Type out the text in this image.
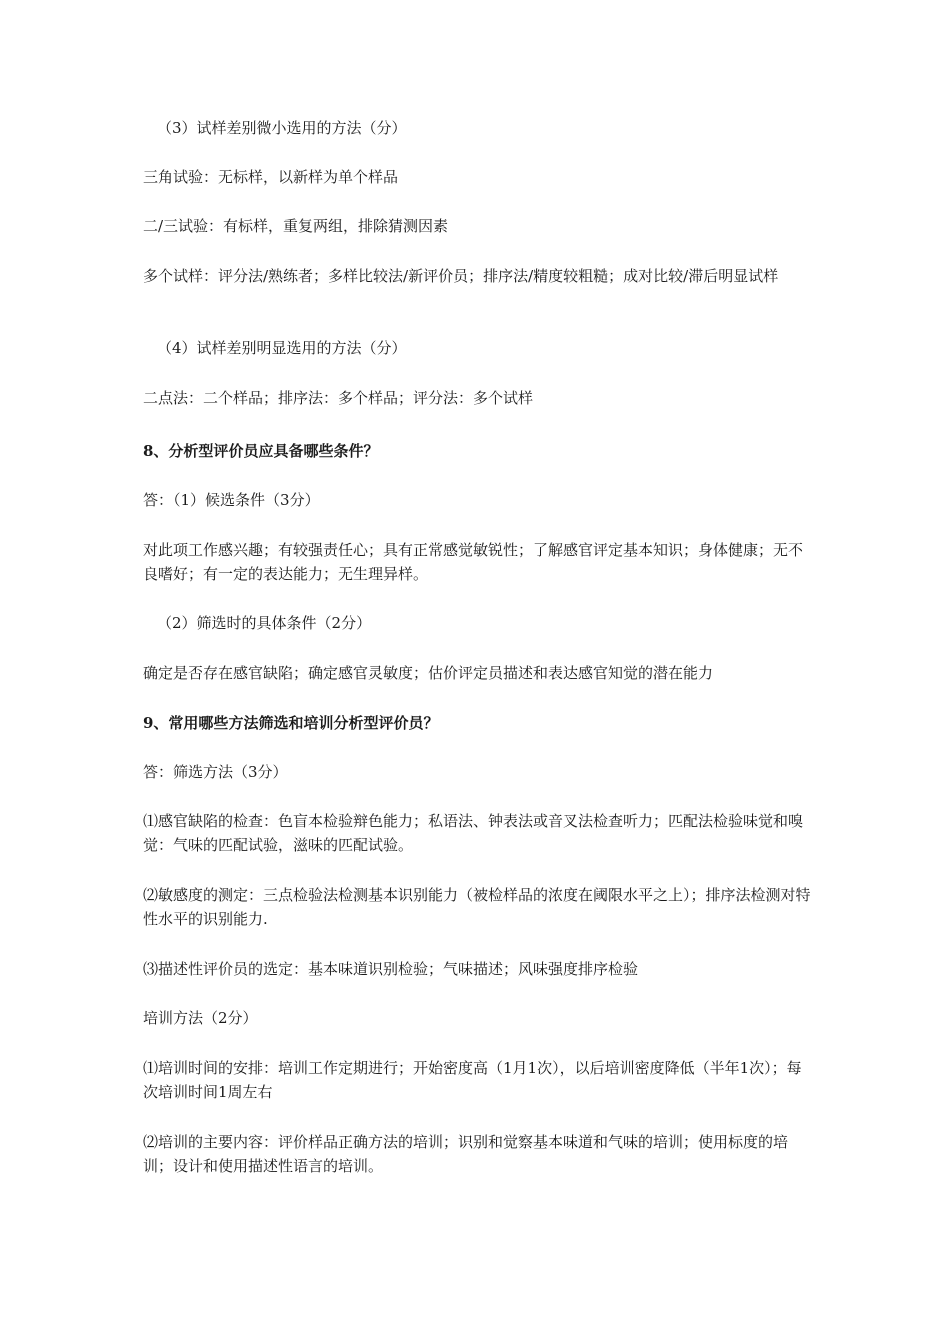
（3）试样差别微小选用的方法（分）

三角试验：无标样，以新样为单个样品

二/三试验：有标样，重复两组，排除猜测因素

多个试样：评分法/熟练者；多样比较法/新评价员；排序法/精度较粗糙；成对比较/滞后明显试样

（4）试样差别明显选用的方法（分）

二点法：二个样品；排序法：多个样品；评分法：多个试样

8、分析型评价员应具备哪些条件？

答：（1）候选条件（3分）

对此项工作感兴趣；有较强责任心；具有正常感觉敏锐性；了解感官评定基本知识；身体健康；无不良嗜好；有一定的表达能力；无生理异样。

（2）筛选时的具体条件（2分）

确定是否存在感官缺陷；确定感官灵敏度；估价评定员描述和表达感官知觉的潜在能力

9、常用哪些方法筛选和培训分析型评价员？

答：筛选方法（3分）

⑴感官缺陷的检查：色盲本检验辩色能力；私语法、钟表法或音叉法检查听力；匹配法检验味觉和嗅觉：气味的匹配试验，滋味的匹配试验。

⑵敏感度的测定：三点检验法检测基本识别能力（被检样品的浓度在阈限水平之上）；排序法检测对特性水平的识别能力.

⑶描述性评价员的选定：基本味道识别检验；气味描述；风味强度排序检验

培训方法（2分）

⑴培训时间的安排：培训工作定期进行；开始密度高（1月1次），以后培训密度降低（半年1次）；每次培训时间1周左右

⑵培训的主要内容：评价样品正确方法的培训；识别和觉察基本味道和气味的培训；使用标度的培训；设计和使用描述性语言的培训。
